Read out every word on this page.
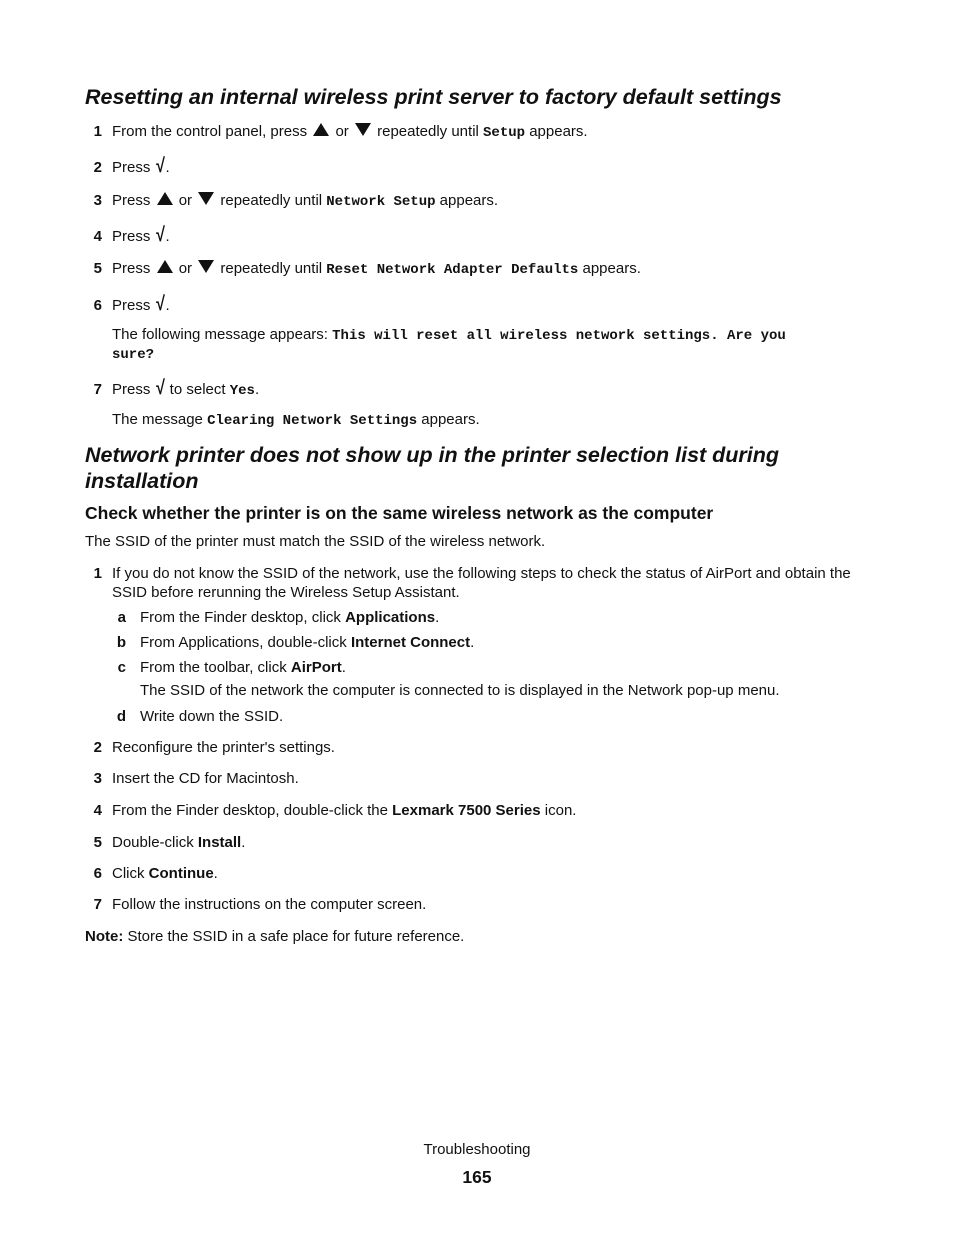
Resetting an internal wireless print server to factory default settings
1 From the control panel, press or repeatedly until Setup appears.
2 Press √.
3 Press or repeatedly until Network Setup appears.
4 Press √.
5 Press or repeatedly until Reset Network Adapter Defaults appears.
6 Press √.
The following message appears: This will reset all wireless network settings. Are you
sure?
7 Press √ to select Yes.
The message Clearing Network Settings appears.
Network printer does not show up in the printer selection list during
installation
Check whether the printer is on the same wireless network as the computer

The SSID of the printer must match the SSID of the wireless network.

1 If you do not know the SSID of the network, use the following steps to check the status of AirPort and obtain the
SSID before rerunning the Wireless Setup Assistant.
a From the Finder desktop, click Applications.
b From Applications, double-click Internet Connect.
c From the toolbar, click AirPort.
The SSID of the network the computer is connected to is displayed in the Network pop-up menu.
d Write down the SSID.
2 Reconfigure the printer's settings.
3 Insert the CD for Macintosh.
4 From the Finder desktop, double-click the Lexmark 7500 Series icon.
5 Double-click Install.
6 Click Continue.
7 Follow the instructions on the computer screen.

Note: Store the SSID in a safe place for future reference.

Troubleshooting
165
